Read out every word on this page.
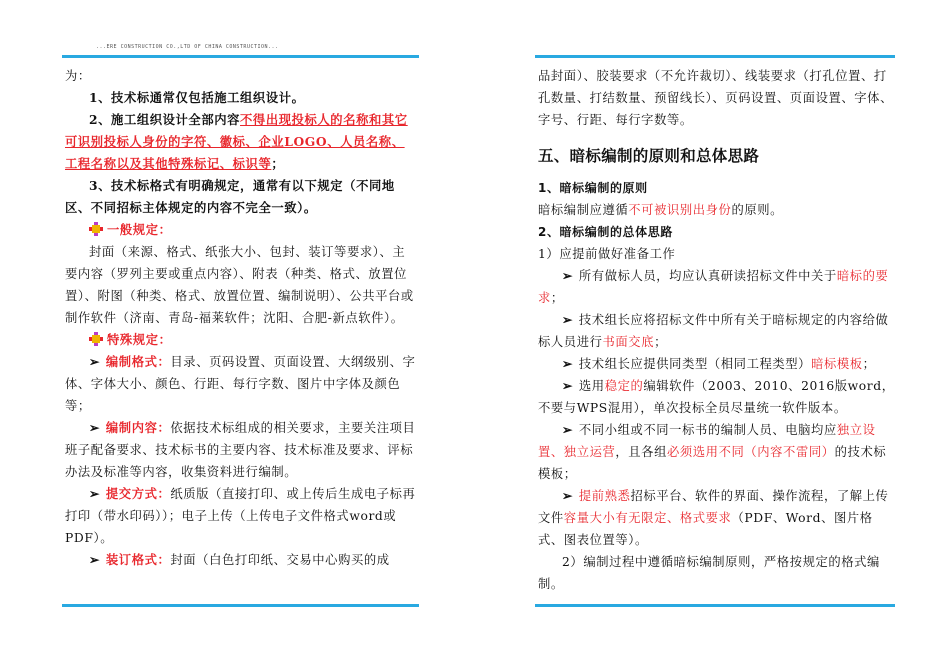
...ERE CONSTRUCTION CO.,LTD OF CHINA CONSTRUCTION...

为：

1、技术标通常仅包括施工组织设计。

2、施工组织设计全部内容不得出现投标人的名称和其它可识别投标人身份的字符、徽标、企业LOGO、人员名称、工程名称以及其他特殊标记、标识等；

3、技术标格式有明确规定，通常有以下规定（不同地区、不同招标主体规定的内容不完全一致）。

一般规定：

封面（来源、格式、纸张大小、包封、装订等要求）、主要内容（罗列主要或重点内容）、附表（种类、格式、放置位置）、附图（种类、格式、放置位置、编制说明）、公共平台或制作软件（济南、青岛-福莱软件；沈阳、合肥-新点软件）。

特殊规定：

➢ 编制格式：目录、页码设置、页面设置、大纲级别、字体、字体大小、颜色、行距、每行字数、图片中字体及颜色等；

➢ 编制内容：依据技术标组成的相关要求，主要关注项目班子配备要求、技术标书的主要内容、技术标准及要求、评标办法及标准等内容，收集资料进行编制。

➢ 提交方式：纸质版（直接打印、或上传后生成电子标再打印（带水印码））；电子上传（上传电子文件格式word或PDF）。

➢ 装订格式：封面（白色打印纸、交易中心购买的成

品封面）、胶装要求（不允许裁切）、线装要求（打孔位置、打孔数量、打结数量、预留线长）、页码设置、页面设置、字体、字号、行距、每行字数等。

五、暗标编制的原则和总体思路

1、暗标编制的原则

暗标编制应遵循不可被识别出身份的原则。

2、暗标编制的总体思路

1）应提前做好准备工作

➢ 所有做标人员，均应认真研读招标文件中关于暗标的要求；

➢ 技术组长应将招标文件中所有关于暗标规定的内容给做标人员进行书面交底；

➢ 技术组长应提供同类型（相同工程类型）暗标模板；

➢ 选用稳定的编辑软件（2003、2010、2016版word，不要与WPS混用），单次投标全员尽量统一软件版本。

➢ 不同小组或不同一标书的编制人员、电脑均应独立设置、独立运营，且各组必须选用不同（内容不雷同）的技术标模板；

➢ 提前熟悉招标平台、软件的界面、操作流程，了解上传文件容量大小有无限定、格式要求（PDF、Word、图片格式、图表位置等）。

2）编制过程中遵循暗标编制原则，严格按规定的格式编制。
